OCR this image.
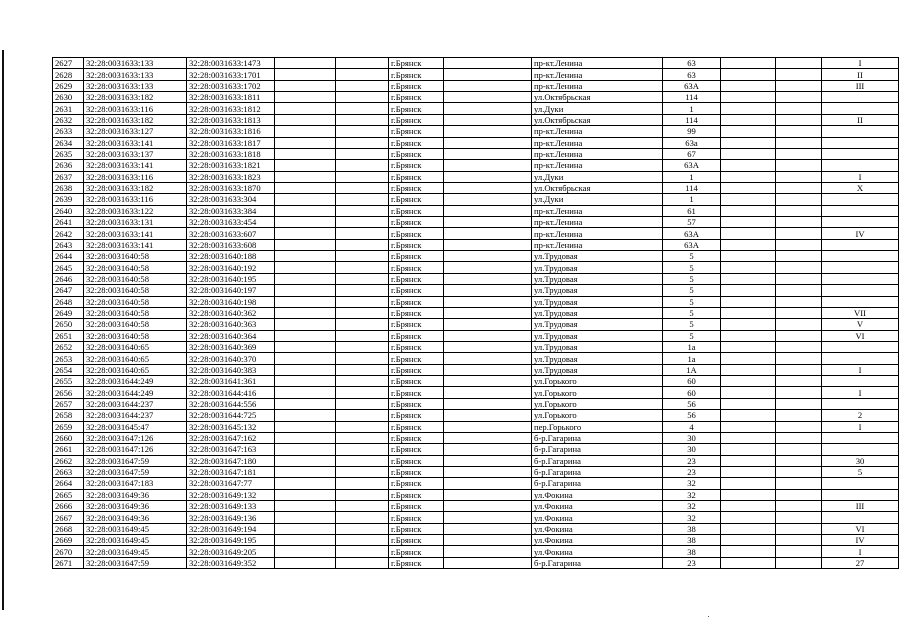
2627	32:28:0031633:133	32:28:0031633:1473			г.Брянск		пр-кт.Ленина	63			I
2628	32:28:0031633:133	32:28:0031633:1701			г.Брянск		пр-кт.Ленина	63			II
2629	32:28:0031633:133	32:28:0031633:1702			г.Брянск		пр-кт.Ленина	63А			III
2630	32:28:0031633:182	32:28:0031633:1811			г.Брянск		ул.Октябрьская	114			
2631	32:28:0031633:116	32:28:0031633:1812			г.Брянск		ул.Дуки	1			
2632	32:28:0031633:182	32:28:0031633:1813			г.Брянск		ул.Октябрьская	114			II
2633	32:28:0031633:127	32:28:0031633:1816			г.Брянск		пр-кт.Ленина	99			
2634	32:28:0031633:141	32:28:0031633:1817			г.Брянск		пр-кт.Ленина	63а			
2635	32:28:0031633:137	32:28:0031633:1818			г.Брянск		пр-кт.Ленина	67			
2636	32:28:0031633:141	32:28:0031633:1821			г.Брянск		пр-кт.Ленина	63А			
2637	32:28:0031633:116	32:28:0031633:1823			г.Брянск		ул.Дуки	1			I
2638	32:28:0031633:182	32:28:0031633:1870			г.Брянск		ул.Октябрьская	114			X
2639	32:28:0031633:116	32:28:0031633:304			г.Брянск		ул.Дуки	1			
2640	32:28:0031633:122	32:28:0031633:384			г.Брянск		пр-кт.Ленина	61			
2641	32:28:0031633:131	32:28:0031633:454			г.Брянск		пр-кт.Ленина	57			
2642	32:28:0031633:141	32:28:0031633:607			г.Брянск		пр-кт.Ленина	63А			IV
2643	32:28:0031633:141	32:28:0031633:608			г.Брянск		пр-кт.Ленина	63А			
2644	32:28:0031640:58	32:28:0031640:188			г.Брянск		ул.Трудовая	5			
2645	32:28:0031640:58	32:28:0031640:192			г.Брянск		ул.Трудовая	5			
2646	32:28:0031640:58	32:28:0031640:195			г.Брянск		ул.Трудовая	5			
2647	32:28:0031640:58	32:28:0031640:197			г.Брянск		ул.Трудовая	5			
2648	32:28:0031640:58	32:28:0031640:198			г.Брянск		ул.Трудовая	5			
2649	32:28:0031640:58	32:28:0031640:362			г.Брянск		ул.Трудовая	5			VII
2650	32:28:0031640:58	32:28:0031640:363			г.Брянск		ул.Трудовая	5			V
2651	32:28:0031640:58	32:28:0031640:364			г.Брянск		ул.Трудовая	5			VI
2652	32:28:0031640:65	32:28:0031640:369			г.Брянск		ул.Трудовая	1а			
2653	32:28:0031640:65	32:28:0031640:370			г.Брянск		ул.Трудовая	1а			
2654	32:28:0031640:65	32:28:0031640:383			г.Брянск		ул.Трудовая	1А			I
2655	32:28:0031644:249	32:28:0031641:361			г.Брянск		ул.Горького	60			
2656	32:28:0031644:249	32:28:0031644:416			г.Брянск		ул.Горького	60			I
2657	32:28:0031644:237	32:28:0031644:556			г.Брянск		ул.Горького	56			
2658	32:28:0031644:237	32:28:0031644:725			г.Брянск		ул.Горького	56			2
2659	32:28:0031645:47	32:28:0031645:132			г.Брянск		пер.Горького	4			I
2660	32:28:0031647:126	32:28:0031647:162			г.Брянск		б-р.Гагарина	30			
2661	32:28:0031647:126	32:28:0031647:163			г.Брянск		б-р.Гагарина	30			
2662	32:28:0031647:59	32:28:0031647:180			г.Брянск		б-р.Гагарина	23			30
2663	32:28:0031647:59	32:28:0031647:181			г.Брянск		б-р.Гагарина	23			5
2664	32:28:0031647:183	32:28:0031647:77			г.Брянск		б-р.Гагарина	32			
2665	32:28:0031649:36	32:28:0031649:132			г.Брянск		ул.Фокина	32			
2666	32:28:0031649:36	32:28:0031649:133			г.Брянск		ул.Фокина	32			III
2667	32:28:0031649:36	32:28:0031649:136			г.Брянск		ул.Фокина	32			
2668	32:28:0031649:45	32:28:0031649:194			г.Брянск		ул.Фокина	38			VI
2669	32:28:0031649:45	32:28:0031649:195			г.Брянск		ул.Фокина	38			IV
2670	32:28:0031649:45	32:28:0031649:205			г.Брянск		ул.Фокина	38			I
2671	32:28:0031647:59	32:28:0031649:352			г.Брянск		б-р.Гагарина	23			27
